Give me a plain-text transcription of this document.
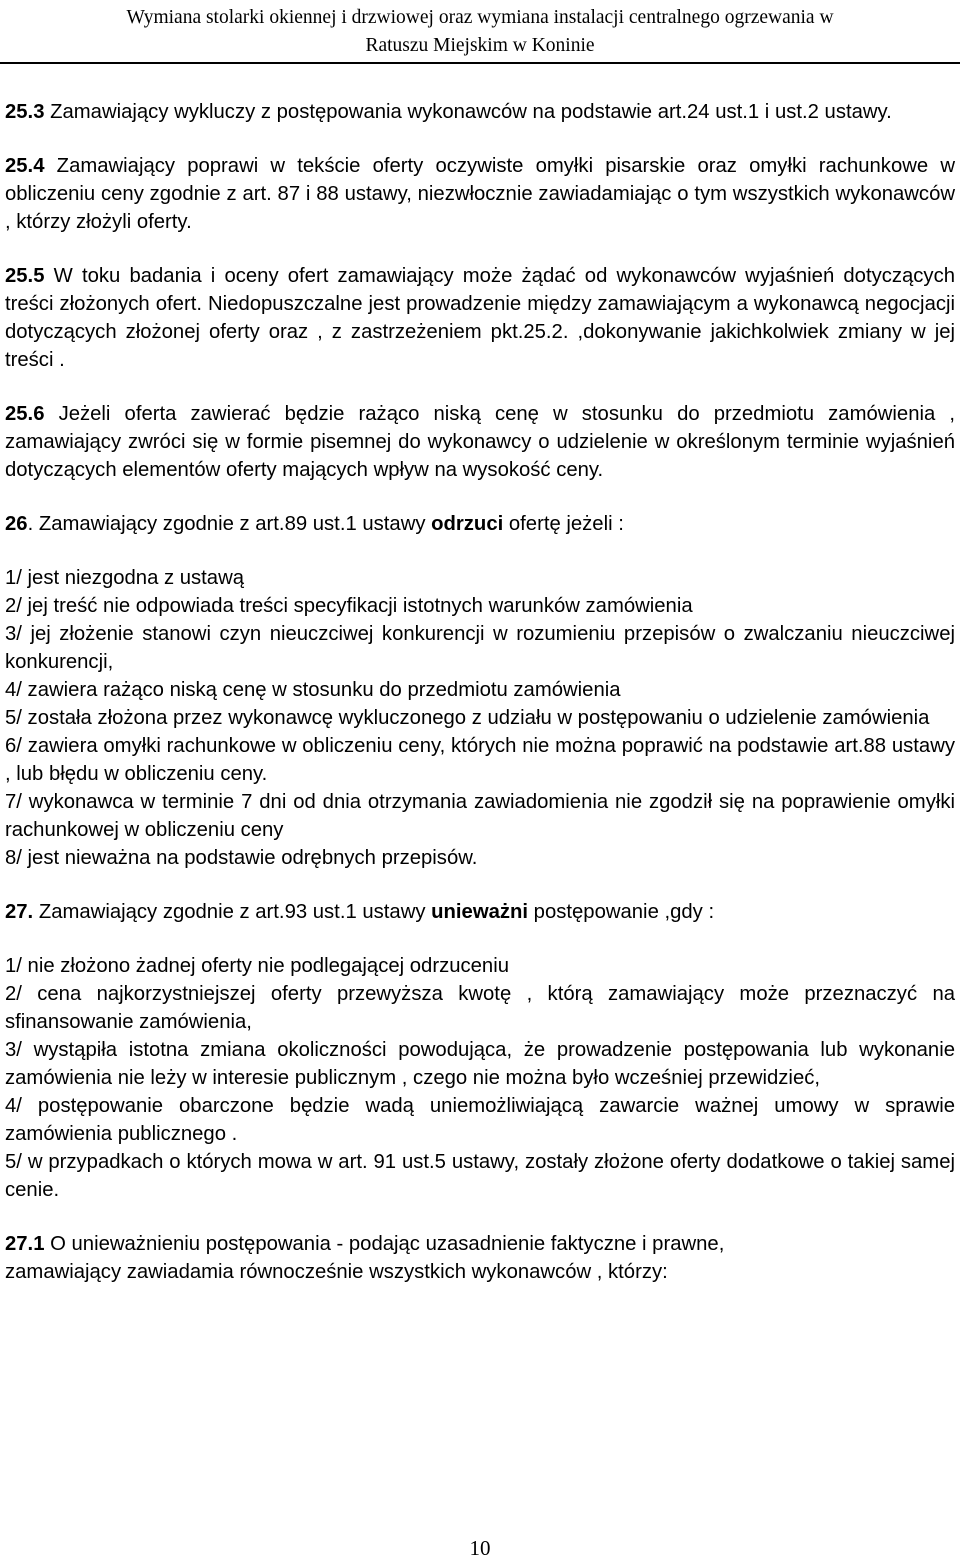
Wymiana stolarki okiennej i drzwiowej oraz wymiana instalacji centralnego ogrzewania w
Ratuszu Miejskim w Koninie
25.3 Zamawiający wykluczy z postępowania wykonawców na podstawie art.24 ust.1 i ust.2 ustawy.
25.4 Zamawiający poprawi w tekście oferty oczywiste omyłki pisarskie oraz omyłki rachunkowe w obliczeniu ceny zgodnie z art. 87 i 88 ustawy, niezwłocznie zawiadamiając o tym wszystkich wykonawców , którzy złożyli oferty.
25.5 W toku badania i oceny ofert zamawiający może żądać od wykonawców wyjaśnień dotyczących treści złożonych ofert. Niedopuszczalne jest prowadzenie między zamawiającym a wykonawcą negocjacji dotyczących złożonej oferty oraz , z zastrzeżeniem pkt.25.2. ,dokonywanie jakichkolwiek zmiany w jej treści .
25.6 Jeżeli oferta zawierać będzie rażąco niską cenę w stosunku do przedmiotu zamówienia , zamawiający zwróci się w formie pisemnej do wykonawcy o udzielenie w określonym terminie wyjaśnień dotyczących elementów oferty mających wpływ na wysokość ceny.
26. Zamawiający zgodnie z art.89 ust.1 ustawy odrzuci ofertę jeżeli :
1/ jest niezgodna z ustawą
2/ jej treść nie odpowiada treści specyfikacji istotnych warunków zamówienia
3/ jej złożenie stanowi czyn nieuczciwej konkurencji w rozumieniu przepisów o zwalczaniu nieuczciwej konkurencji,
4/ zawiera rażąco niską cenę w stosunku do przedmiotu zamówienia
5/ została złożona przez wykonawcę wykluczonego z udziału w postępowaniu o udzielenie zamówienia
6/ zawiera omyłki rachunkowe w obliczeniu ceny, których nie można poprawić na podstawie art.88 ustawy , lub błędu w obliczeniu ceny.
7/ wykonawca w terminie 7 dni od dnia otrzymania zawiadomienia nie zgodził się na poprawienie omyłki rachunkowej w obliczeniu ceny
8/ jest nieważna na podstawie odrębnych przepisów.
27. Zamawiający zgodnie z art.93 ust.1 ustawy unieważni postępowanie ,gdy :
1/ nie złożono żadnej oferty nie podlegającej odrzuceniu
2/ cena najkorzystniejszej oferty przewyższa kwotę , którą zamawiający może przeznaczyć na sfinansowanie zamówienia,
3/ wystąpiła istotna zmiana okoliczności powodująca, że prowadzenie postępowania lub wykonanie zamówienia nie leży w interesie publicznym , czego nie można było wcześniej przewidzieć,
4/ postępowanie obarczone będzie wadą uniemożliwiającą zawarcie ważnej umowy w sprawie zamówienia publicznego .
5/ w przypadkach o których mowa w art. 91 ust.5 ustawy, zostały złożone oferty dodatkowe o takiej samej cenie.
27.1 O unieważnieniu postępowania - podając uzasadnienie faktyczne i prawne,
zamawiający zawiadamia równocześnie wszystkich wykonawców , którzy:
10
